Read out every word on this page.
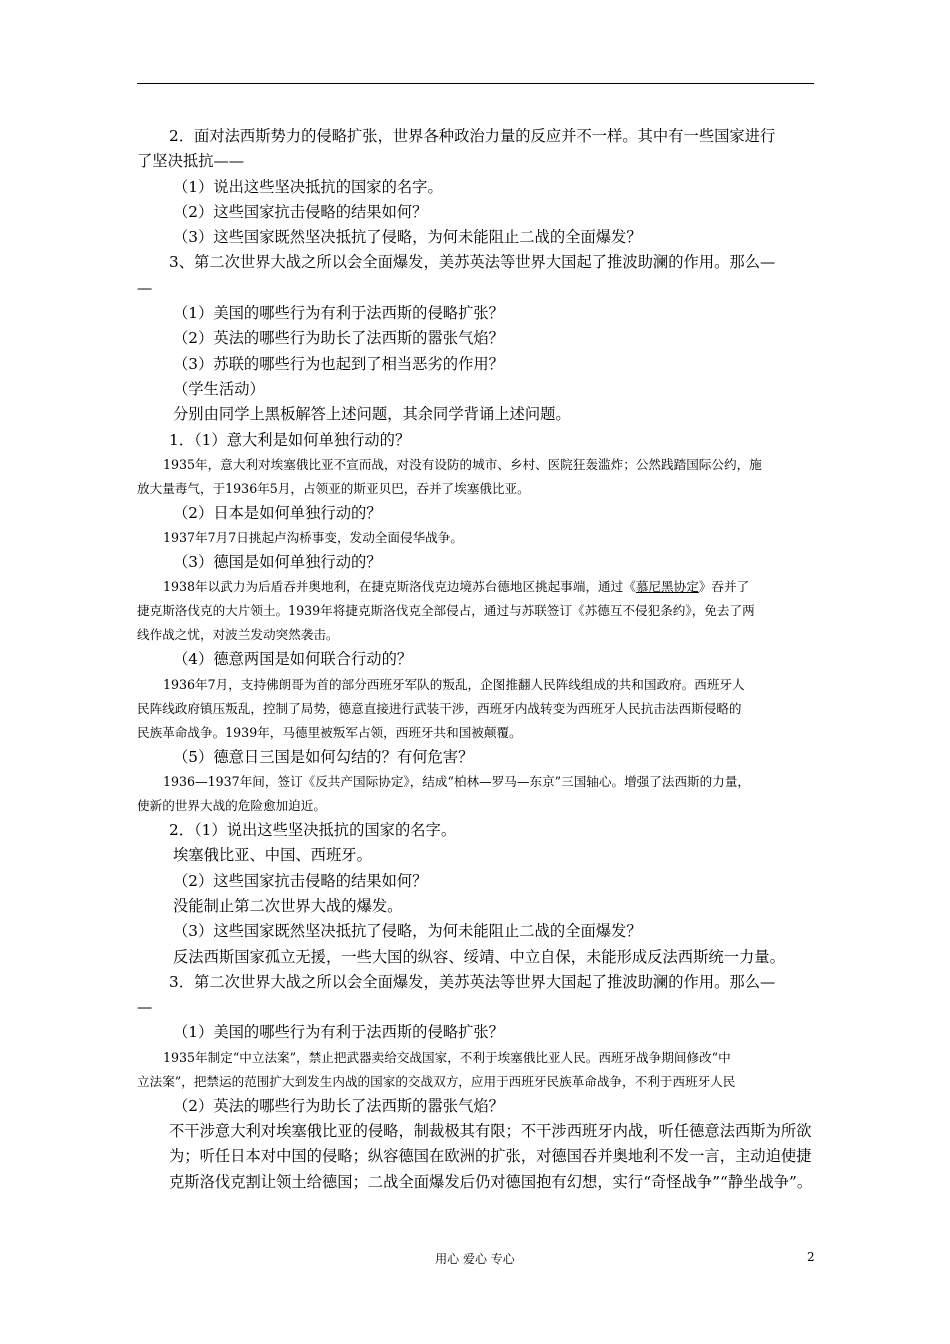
2．面对法西斯势力的侵略扩张，世界各种政治力量的反应并不一样。其中有一些国家进行

了坚决抵抗——

（1）说出这些坚决抵抗的国家的名字。

（2）这些国家抗击侵略的结果如何？

（3）这些国家既然坚决抵抗了侵略，为何未能阻止二战的全面爆发？

3、第二次世界大战之所以会全面爆发，美苏英法等世界大国起了推波助澜的作用。那么—

—

（1）美国的哪些行为有利于法西斯的侵略扩张？

（2）英法的哪些行为助长了法西斯的嚣张气焰？

（3）苏联的哪些行为也起到了相当恶劣的作用？

（学生活动）

分别由同学上黑板解答上述问题，其余同学背诵上述问题。

1．（1）意大利是如何单独行动的？

1935年，意大利对埃塞俄比亚不宣而战，对没有设防的城市、乡村、医院狂轰滥炸；公然践踏国际公约，施

放大量毒气，于1936年5月，占领亚的斯亚贝巴，吞并了埃塞俄比亚。

（2）日本是如何单独行动的？

1937年7月7日挑起卢沟桥事变，发动全面侵华战争。

（3）德国是如何单独行动的？

1938年以武力为后盾吞并奥地利，在捷克斯洛伐克边境苏台德地区挑起事端，通过《慕尼黑协定》吞并了

捷克斯洛伐克的大片领土。1939年将捷克斯洛伐克全部侵占，通过与苏联签订《苏德互不侵犯条约》，免去了两

线作战之忧，对波兰发动突然袭击。

（4）德意两国是如何联合行动的？

1936年7月，支持佛朗哥为首的部分西班牙军队的叛乱，企图推翻人民阵线组成的共和国政府。西班牙人

民阵线政府镇压叛乱，控制了局势，德意直接进行武装干涉，西班牙内战转变为西班牙人民抗击法西斯侵略的

民族革命战争。1939年，马德里被叛军占领，西班牙共和国被颠覆。

（5）德意日三国是如何勾结的？有何危害？

1936—1937年间，签订《反共产国际协定》，结成“柏林—罗马—东京”三国轴心。增强了法西斯的力量，

使新的世界大战的危险愈加迫近。

2．（1）说出这些坚决抵抗的国家的名字。

埃塞俄比亚、中国、西班牙。

（2）这些国家抗击侵略的结果如何？

没能制止第二次世界大战的爆发。

（3）这些国家既然坚决抵抗了侵略，为何未能阻止二战的全面爆发？

反法西斯国家孤立无援，一些大国的纵容、绥靖、中立自保，未能形成反法西斯统一力量。

3．第二次世界大战之所以会全面爆发，美苏英法等世界大国起了推波助澜的作用。那么—

—

（1）美国的哪些行为有利于法西斯的侵略扩张？

1935年制定“中立法案”，禁止把武器卖给交战国家，不利于埃塞俄比亚人民。西班牙战争期间修改“中

立法案”，把禁运的范围扩大到发生内战的国家的交战双方，应用于西班牙民族革命战争，不利于西班牙人民

（2）英法的哪些行为助长了法西斯的嚣张气焰？

不干涉意大利对埃塞俄比亚的侵略，制裁极其有限；不干涉西班牙内战，听任德意法西斯为所欲为；听任日本对中国的侵略；纵容德国在欧洲的扩张，对德国吞并奥地利不发一言，主动迫使捷克斯洛伐克割让领土给德国；二战全面爆发后仍对德国抱有幻想，实行“奇怪战争”“静坐战争”。

用心 爱心 专心	2
